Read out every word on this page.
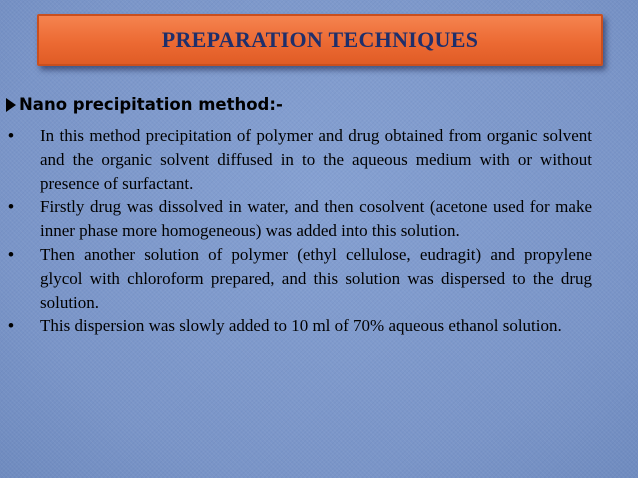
PREPARATION TECHNIQUES
Nano precipitation method:-
•	In this method precipitation of polymer and drug obtained from organic solvent and the organic solvent diffused in to the aqueous medium with or without presence of surfactant.
•	Firstly drug was dissolved in water, and then cosolvent (acetone used for make inner phase more homogeneous) was added into this solution.
•	Then another solution of polymer (ethyl cellulose, eudragit) and propylene glycol with chloroform prepared, and this solution was dispersed to the drug solution.
•	This dispersion was slowly added to 10 ml of 70% aqueous ethanol solution.
